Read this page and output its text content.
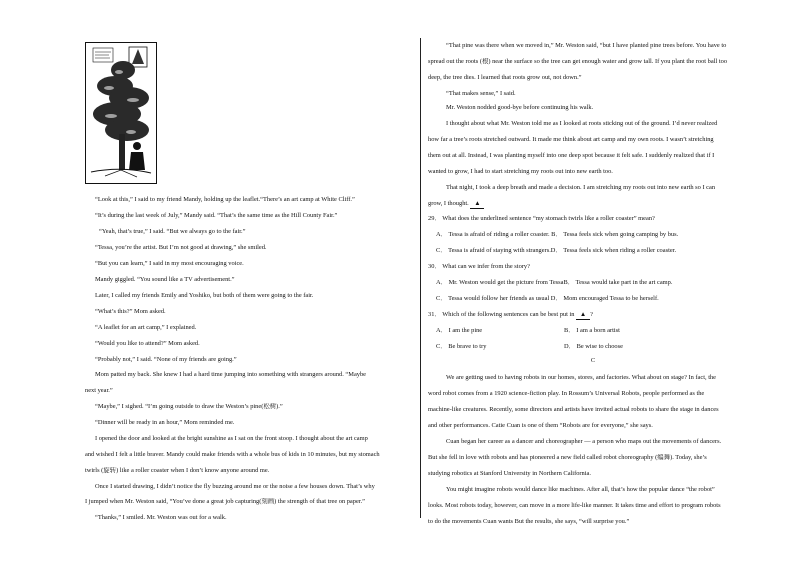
“Look at this,” I said to my friend Mandy, holding up the leaflet.“There’s an art camp at White Cliff.”
“It’s during the last week of July,” Mandy said. “That’s the same time as the Hill County Fair.”
“Yeah, that’s true,” I said. “But we always go to the fair.”
“Tessa, you’re the artist. But I’m not good at drawing,” she smiled.
“But you can learn,” I said in my most encouraging voice.
Mandy giggled. “You sound like a TV advertisement.”
Later, I called my friends Emily and Yoshiko, but both of them were going to the fair.
“What’s this?” Mom asked.
“A leaflet for an art camp,” I explained.
“Would you like to attend?” Mom asked.
“Probably not,” I said. “None of my friends are going.”
Mom patted my back. She knew I had a hard time jumping into something with strangers around. “Maybe
next year.”
“Maybe,” I sighed. “I’m going outside to draw the Weston’s pine(松树).”
“Dinner will be ready in an hour,” Mom reminded me.
I opened the door and looked at the bright sunshine as I sat on the front stoop. I thought about the art camp
and wished I felt a little braver. Mandy could make friends with a whole bus of kids in 10 minutes, but my stomach
twirls (旋转) like a roller coaster when I don’t know anyone around me.
Once I started drawing, I didn’t notice the fly buzzing around me or the noise a few houses down. That’s why
I jumped when Mr. Weston said, “You’ve done a great job capturing(刻画) the strength of that tree on paper.”
“Thanks,” I smiled. Mr. Weston was out for a walk.
“That pine was there when we moved in,” Mr. Weston said, “but I have planted pine trees before. You have to
spread out the roots (根) near the surface so the tree can get enough water and grow tall. If you plant the root ball too
deep, the tree dies. I learned that roots grow out, not down.”
“That makes sense,” I said.
Mr. Weston nodded good-bye before continuing his walk.
I thought about what Mr. Weston told me as I looked at roots sticking out of the ground. I’d never realized
how far a tree’s roots stretched outward. It made me think about art camp and my own roots. I wasn’t stretching
them out at all. Instead, I was planting myself into one deep spot because it felt safe. I suddenly realized that if I
wanted to grow, I had to start stretching my roots out into new earth too.
That night, I took a deep breath and made a decision. I am stretching my roots out into new earth so I can
grow, I thought. ▲
29． What does the underlined sentence “my stomach twirls like a roller coaster” mean?
A． Tessa is afraid of riding a roller coaster. B． Tessa feels sick when going camping by bus.
C． Tessa is afraid of staying with strangers.D． Tessa feels sick when riding a roller coaster.
30． What can we infer from the story?
A． Mr. Weston would get the picture from TessaB． Tessa would take part in the art camp.
C． Tessa would follow her friends as usual D． Mom encouraged Tessa to be herself.
31． Which of the following sentences can be best put in ▲ ?
A． I am the pine	B． I am a born artist
C． Be brave to try	D． Be wise to choose
C
We are getting used to having robots in our homes, stores, and factories. What about on stage? In fact, the
word robot comes from a 1920 science-fiction play. In Rossum’s Universal Robots, people performed as the
machine-like creatures. Recently, some directors and artists have invited actual robots to share the stage in dances
and other performances. Catie Cuan is one of them “Robots are for everyone,” she says.
Cuan began her career as a dancer and choreographer — a person who maps out the movements of dancers.
But she fell in love with robots and has pioneered a new field called robot choreography (编舞). Today, she’s
studying robotics at Stanford University in Northern California.
You might imagine robots would dance like machines. After all, that’s how the popular dance “the robot”
looks. Most robots today, however, can move in a more life-like manner. It takes time and effort to program robots
to do the movements Cuan wants But the results, she says, “will surprise you.”
